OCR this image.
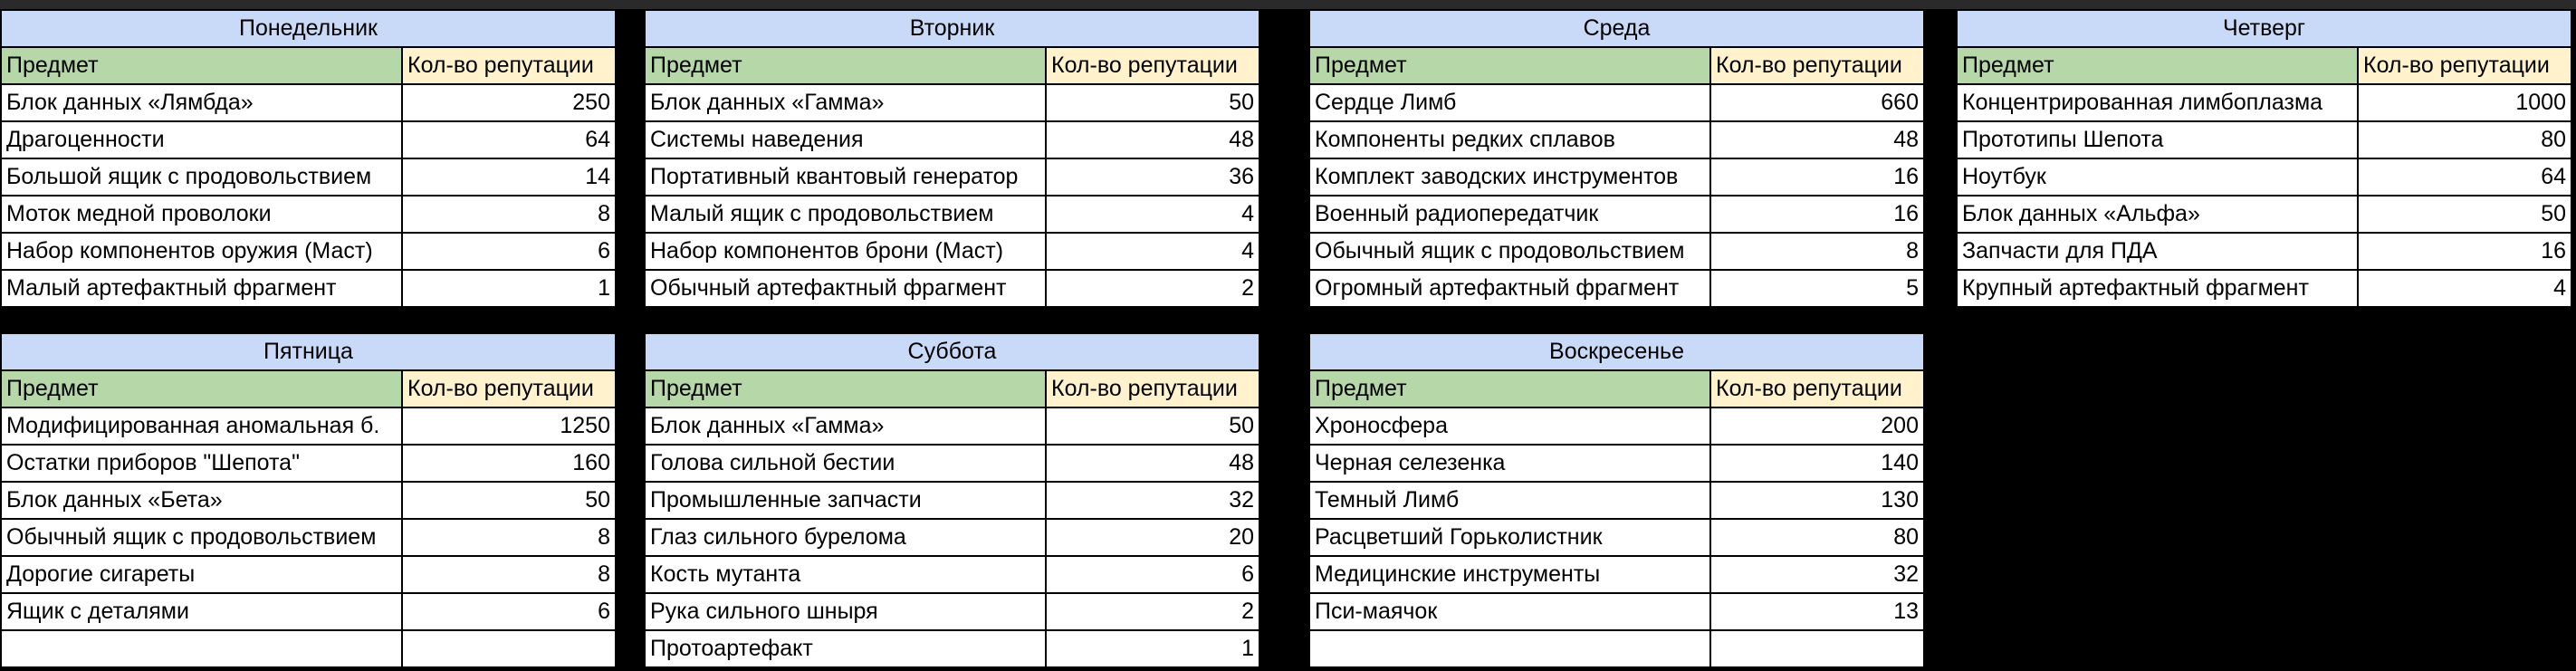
Понедельник	
Предмет	Кол-во репутации
Блок данных «Лямбда»	250
Драгоценности	64
Большой ящик с продовольствием	14
Моток медной проволоки	8
Набор компонентов оружия (Маст)	6
Малый артефактный фрагмент	1
Вторник	
Предмет	Кол-во репутации
Блок данных «Гамма»	50
Системы наведения	48
Портативный квантовый генератор	36
Малый ящик с продовольствием	4
Набор компонентов брони (Маст)	4
Обычный артефактный фрагмент	2
Среда	
Предмет	Кол-во репутации
Сердце Лимб	660
Компоненты редких сплавов	48
Комплект заводских инструментов	16
Военный радиопередатчик	16
Обычный ящик с продовольствием	8
Огромный артефактный фрагмент	5
Четверг	
Предмет	Кол-во репутации
Концентрированная лимбоплазма	1000
Прототипы Шепота	80
Ноутбук	64
Блок данных «Альфа»	50
Запчасти для ПДА	16
Крупный артефактный фрагмент	4
Пятница	
Предмет	Кол-во репутации
Модифицированная аномальная б.	1250
Остатки приборов "Шепота"	160
Блок данных «Бета»	50
Обычный ящик с продовольствием	8
Дорогие сигареты	8
Ящик с деталями	6

Суббота	
Предмет	Кол-во репутации
Блок данных «Гамма»	50
Голова сильной бестии	48
Промышленные запчасти	32
Глаз сильного бурелома	20
Кость мутанта	6
Рука сильного шныря	2
Протоартефакт	1
Воскресенье	
Предмет	Кол-во репутации
Хроносфера	200
Черная селезенка	140
Темный Лимб	130
Расцветший Горьколистник	80
Медицинские инструменты	32
Пси-маячок	13
